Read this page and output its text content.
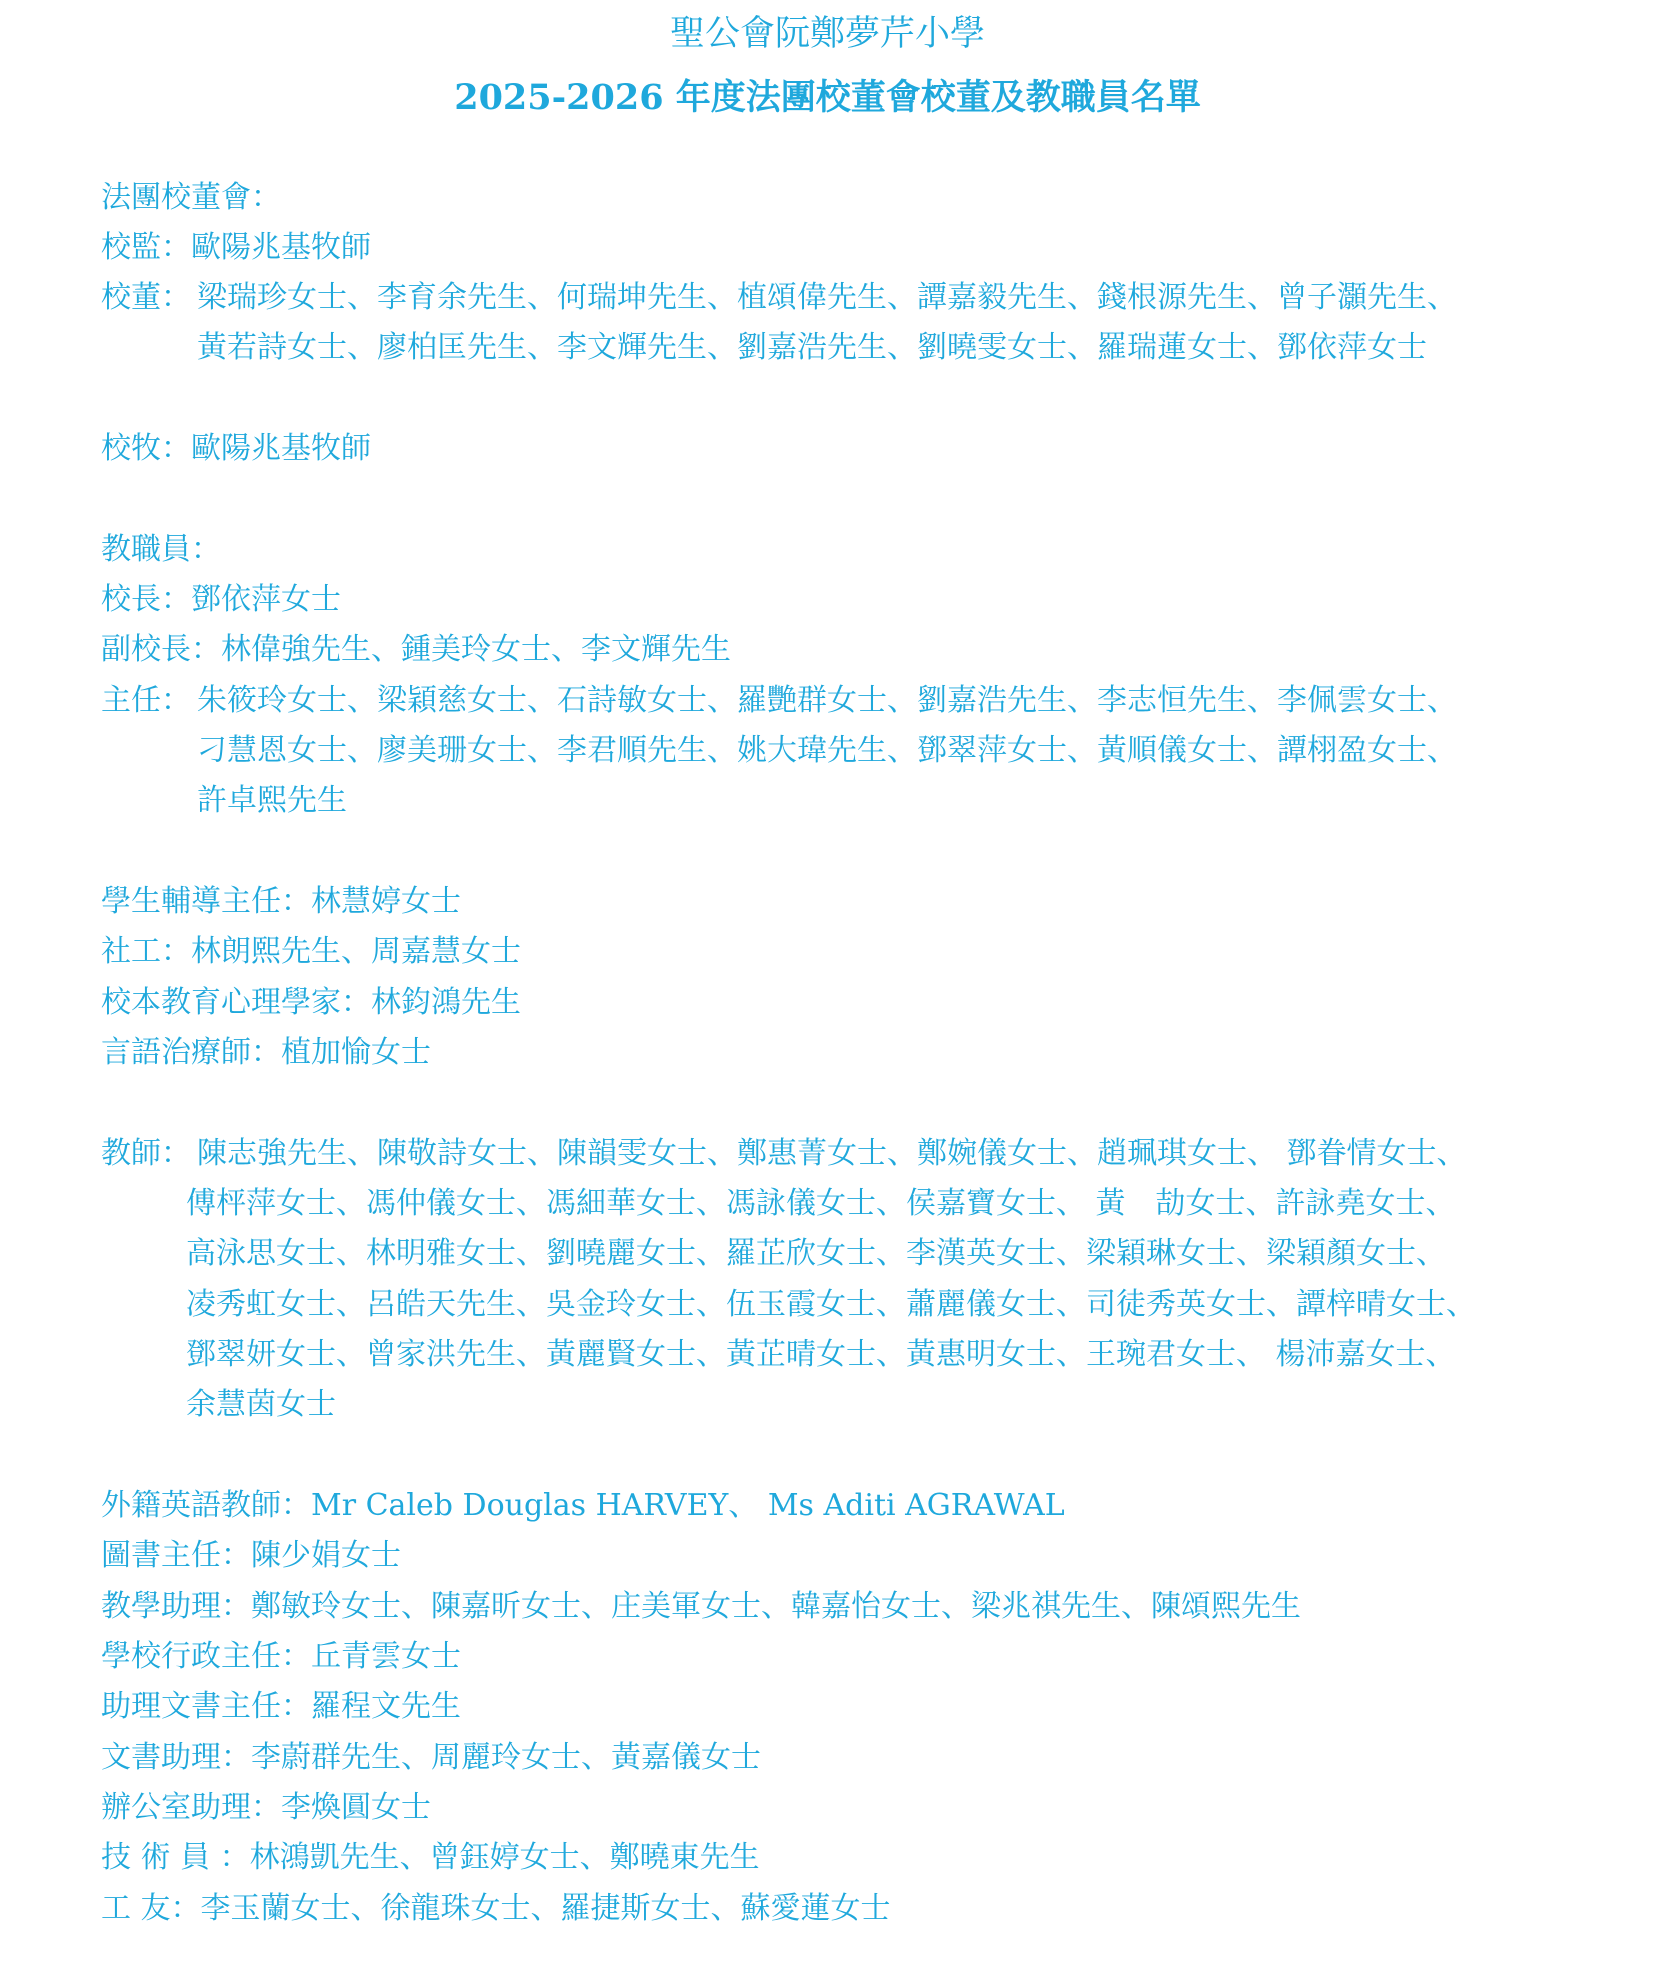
聖公會阮鄭夢芹小學
2025-2026 年度法團校董會校董及教職員名單
法團校董會：
校監：歐陽兆基牧師
校董： 梁瑞珍女士、李育余先生、何瑞坤先生、植頌偉先生、譚嘉毅先生、錢根源先生、曾子灝先生、
黃若詩女士、廖柏匡先生、李文輝先生、劉嘉浩先生、劉曉雯女士、羅瑞蓮女士、鄧依萍女士
校牧：歐陽兆基牧師
教職員：
校長：鄧依萍女士
副校長：林偉強先生、鍾美玲女士、李文輝先生
主任： 朱筱玲女士、梁穎慈女士、石詩敏女士、羅艷群女士、劉嘉浩先生、李志恒先生、李佩雲女士、
刁慧恩女士、廖美珊女士、李君順先生、姚大瑋先生、鄧翠萍女士、黃順儀女士、譚栩盈女士、
許卓熙先生
學生輔導主任：林慧婷女士
社工：林朗熙先生、周嘉慧女士
校本教育心理學家：林鈞鴻先生
言語治療師：植加愉女士
教師： 陳志強先生、陳敬詩女士、陳韻雯女士、鄭惠菁女士、鄭婉儀女士、趙珮琪女士、 鄧眷情女士、
傅枰萍女士、馮仲儀女士、馮細華女士、馮詠儀女士、侯嘉寶女士、 黃　劼女士、許詠堯女士、
高泳思女士、林明雅女士、劉曉麗女士、羅芷欣女士、李漢英女士、梁穎琳女士、梁穎顏女士、
凌秀虹女士、呂皓天先生、吳金玲女士、伍玉霞女士、蕭麗儀女士、司徒秀英女士、譚梓晴女士、
鄧翠妍女士、曾家洪先生、黃麗賢女士、黃芷晴女士、黃惠明女士、王琬君女士、 楊沛嘉女士、
余慧茵女士
外籍英語教師：Mr Caleb Douglas HARVEY、 Ms Aditi AGRAWAL
圖書主任：陳少娟女士
教學助理：鄭敏玲女士、陳嘉昕女士、庄美軍女士、韓嘉怡女士、梁兆祺先生、陳頌熙先生
學校行政主任：丘青雲女士
助理文書主任：羅程文先生
文書助理：李蔚群先生、周麗玲女士、黃嘉儀女士
辦公室助理：李煥圓女士
技 術 員 ：林鴻凱先生、曾鈺婷女士、鄭曉東先生
工 友：李玉蘭女士、徐龍珠女士、羅捷斯女士、蘇愛蓮女士
